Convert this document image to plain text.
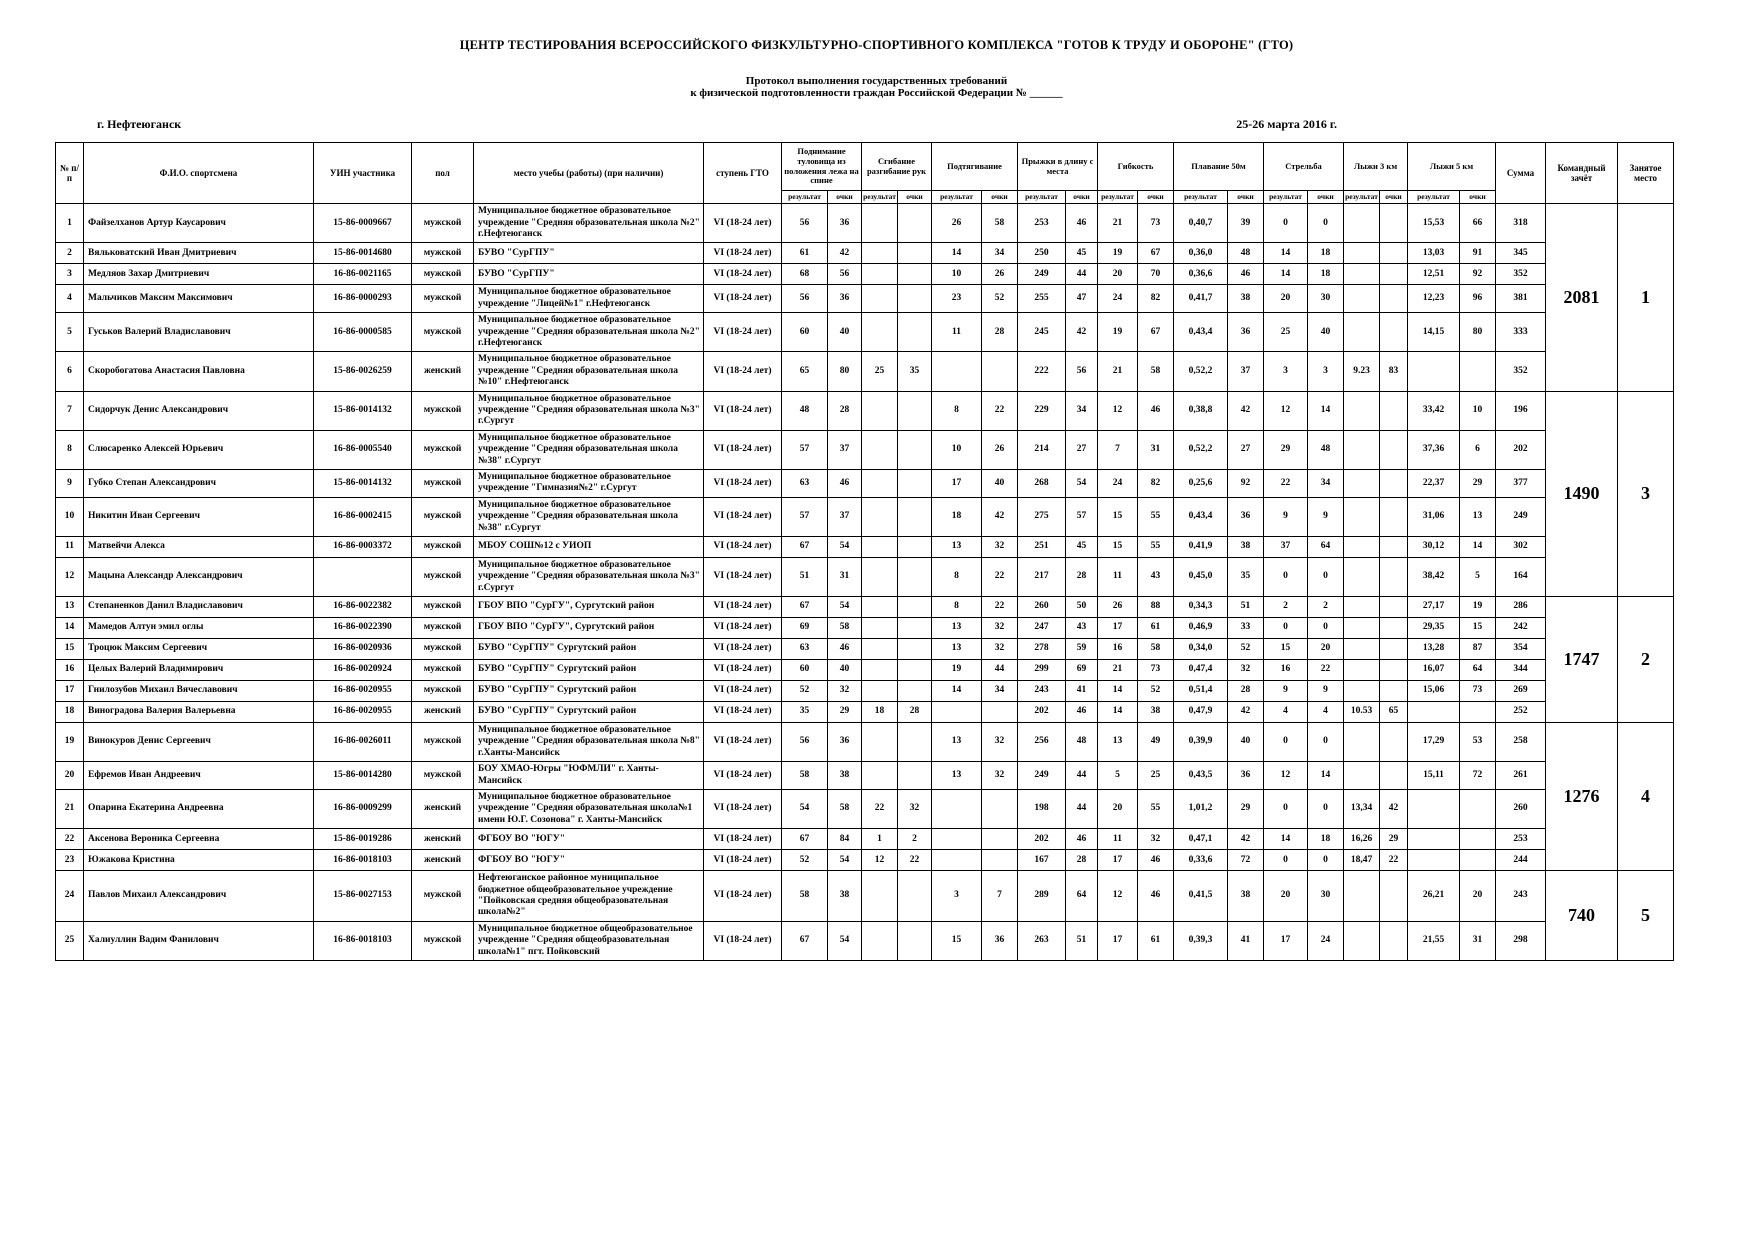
ЦЕНТР ТЕСТИРОВАНИЯ ВСЕРОССИЙСКОГО ФИЗКУЛЬТУРНО-СПОРТИВНОГО КОМПЛЕКСА "ГОТОВ К ТРУДУ И ОБОРОНЕ" (ГТО)
Протокол выполнения государственных требований
к физической подготовленности граждан Российской Федерации № ______
г. Нефтеюганск	25-26 марта 2016 г.
№ п/п	Ф.И.О. спортсмена	УИН участника	пол	место учебы (работы) (при наличии)	ступень ГТО	Поднимание туловища из положения лежа на спине		Сгибание разгибание рук		Подтягивание		Прыжки в длину с места		Гибкость		Плавание 50м		Стрельба		Лыжи 3 км		Лыжи 5 км		Сумма	Командный зачёт	Занятое место
						результат	очки	результат	очки	результат	очки	результат	очки	результат	очки	результат	очки	результат	очки	результат	очки	результат	очки			
1	Файзелханов Артур Каусарович	15-86-0009667	мужской	Муниципальное бюджетное образовательное учреждение "Средняя образовательная школа №2" г.Нефтеюганск	VI (18-24 лет)	56	36			26	58	253	46	21	73	0,40,7	39	0	0			15,53	66	318	2081	1
2	Вяльковатский Иван Дмитриевич	15-86-0014680	мужской	БУВО "СурГПУ"	VI (18-24 лет)	61	42			14	34	250	45	19	67	0,36,0	48	14	18			13,03	91	345		
3	Медляов Захар Дмитриевич	16-86-0021165	мужской	БУВО "СурГПУ"	VI (18-24 лет)	68	56			10	26	249	44	20	70	0,36,6	46	14	18			12,51	92	352		
4	Мальчиков Максим Максимович	16-86-0000293	мужской	Муниципальное бюджетное образовательное учреждение "Лицей№1" г.Нефтеюганск	VI (18-24 лет)	56	36			23	52	255	47	24	82	0,41,7	38	20	30			12,23	96	381		
5	Гуськов Валерий Владиславович	16-86-0000585	мужской	Муниципальное бюджетное образовательное учреждение "Средняя образовательная школа №2" г.Нефтеюганск	VI (18-24 лет)	60	40			11	28	245	42	19	67	0,43,4	36	25	40			14,15	80	333		
6	Скоробогатова Анастасия Павловна	15-86-0026259	женский	Муниципальное бюджетное образовательное учреждение "Средняя образовательная школа №10" г.Нефтеюганск	VI (18-24 лет)	65	80	25	35			222	56	21	58	0,52,2	37	3	3	9.23	83			352		
7	Сидорчук Денис Александрович	15-86-0014132	мужской	Муниципальное бюджетное образовательное учреждение "Средняя образовательная школа №3" г.Сургут	VI (18-24 лет)	48	28			8	22	229	34	12	46	0,38,8	42	12	14			33,42	10	196	1490	3
8	Слюсаренко Алексей Юрьевич	16-86-0005540	мужской	Муниципальное бюджетное образовательное учреждение "Средняя образовательная школа №38" г.Сургут	VI (18-24 лет)	57	37			10	26	214	27	7	31	0,52,2	27	29	48			37,36	6	202		
9	Губко Степан Александрович	15-86-0014132	мужской	Муниципальное бюджетное образовательное учреждение "Гимназия№2" г.Сургут	VI (18-24 лет)	63	46			17	40	268	54	24	82	0,25,6	92	22	34			22,37	29	377		
10	Никитин Иван Сергеевич	16-86-0002415	мужской	Муниципальное бюджетное образовательное учреждение "Средняя образовательная школа №38" г.Сургут	VI (18-24 лет)	57	37			18	42	275	57	15	55	0,43,4	36	9	9			31,06	13	249		
11	Матвейчи Алекса	16-86-0003372	мужской	МБОУ СОШ№12 с УИОП	VI (18-24 лет)	67	54			13	32	251	45	15	55	0,41,9	38	37	64			30,12	14	302		
12	Мацына Александр Александрович		мужской	Муниципальное бюджетное образовательное учреждение "Средняя образовательная школа №3" г.Сургут	VI (18-24 лет)	51	31			8	22	217	28	11	43	0,45,0	35	0	0			38,42	5	164		
13	Степаненков Данил Владиславович	16-86-0022382	мужской	ГБОУ ВПО "СурГУ", Сургутский район	VI (18-24 лет)	67	54			8	22	260	50	26	88	0,34,3	51	2	2			27,17	19	286	1747	2
14	Мамедов Алтун эмил оглы	16-86-0022390	мужской	ГБОУ ВПО "СурГУ", Сургутский район	VI (18-24 лет)	69	58			13	32	247	43	17	61	0,46,9	33	0	0			29,35	15	242		
15	Троцюк Максим Сергеевич	16-86-0020936	мужской	БУВО "СурГПУ" Сургутский район	VI (18-24 лет)	63	46			13	32	278	59	16	58	0,34,0	52	15	20			13,28	87	354		
16	Целых Валерий Владимирович	16-86-0020924	мужской	БУВО "СурГПУ" Сургутский район	VI (18-24 лет)	60	40			19	44	299	69	21	73	0,47,4	32	16	22			16,07	64	344		
17	Гнилозубов Михаил Вячеславович	16-86-0020955	мужской	БУВО "СурГПУ" Сургутский район	VI (18-24 лет)	52	32			14	34	243	41	14	52	0,51,4	28	9	9			15,06	73	269		
18	Виноградова Валерия Валерьевна	16-86-0020955	женский	БУВО "СурГПУ" Сургутский район	VI (18-24 лет)	35	29	18	28			202	46	14	38	0,47,9	42	4	4	10.53	65			252		
19	Винокуров Денис Сергеевич	16-86-0026011	мужской	Муниципальное бюджетное образовательное учреждение "Средняя образовательная школа №8" г.Ханты-Мансийск	VI (18-24 лет)	56	36			13	32	256	48	13	49	0,39,9	40	0	0			17,29	53	258	1276	4
20	Ефремов Иван Андреевич	15-86-0014280	мужской	БОУ ХМАО-Югры "ЮФМЛИ" г. Ханты-Мансийск	VI (18-24 лет)	58	38			13	32	249	44	5	25	0,43,5	36	12	14			15,11	72	261		
21	Опарина Екатерина Андреевна	16-86-0009299	женский	Муниципальное бюджетное образовательное учреждение "Средняя образовательная школа№1 имени Ю.Г. Созонова" г. Ханты-Мансийск	VI (18-24 лет)	54	58	22	32			198	44	20	55	1,01,2	29	0	0	13,34	42			260		
22	Аксенова Вероника Сергеевна	15-86-0019286	женский	ФГБОУ ВО "ЮГУ"	VI (18-24 лет)	67	84	1	2			202	46	11	32	0,47,1	42	14	18	16,26	29			253		
23	Южакова Кристина	16-86-0018103	женский	ФГБОУ ВО "ЮГУ"	VI (18-24 лет)	52	54	12	22			167	28	17	46	0,33,6	72	0	0	18,47	22			244		
24	Павлов Михаил Александрович	15-86-0027153	мужской	Нефтеюганское районное муниципальное бюджетное общеобразовательное учреждение "Пойковская средняя общеобразовательная школа№2"	VI (18-24 лет)	58	38			3	7	289	64	12	46	0,41,5	38	20	30			26,21	20	243	740	5
25	Халиуллин Вадим Фанилович	16-86-0018103	мужской	Муниципальное бюджетное общеобразовательное учреждение "Средняя общеобразовательная школа№1" пгт. Пойковский	VI (18-24 лет)	67	54			15	36	263	51	17	61	0,39,3	41	17	24			21,55	31	298		
